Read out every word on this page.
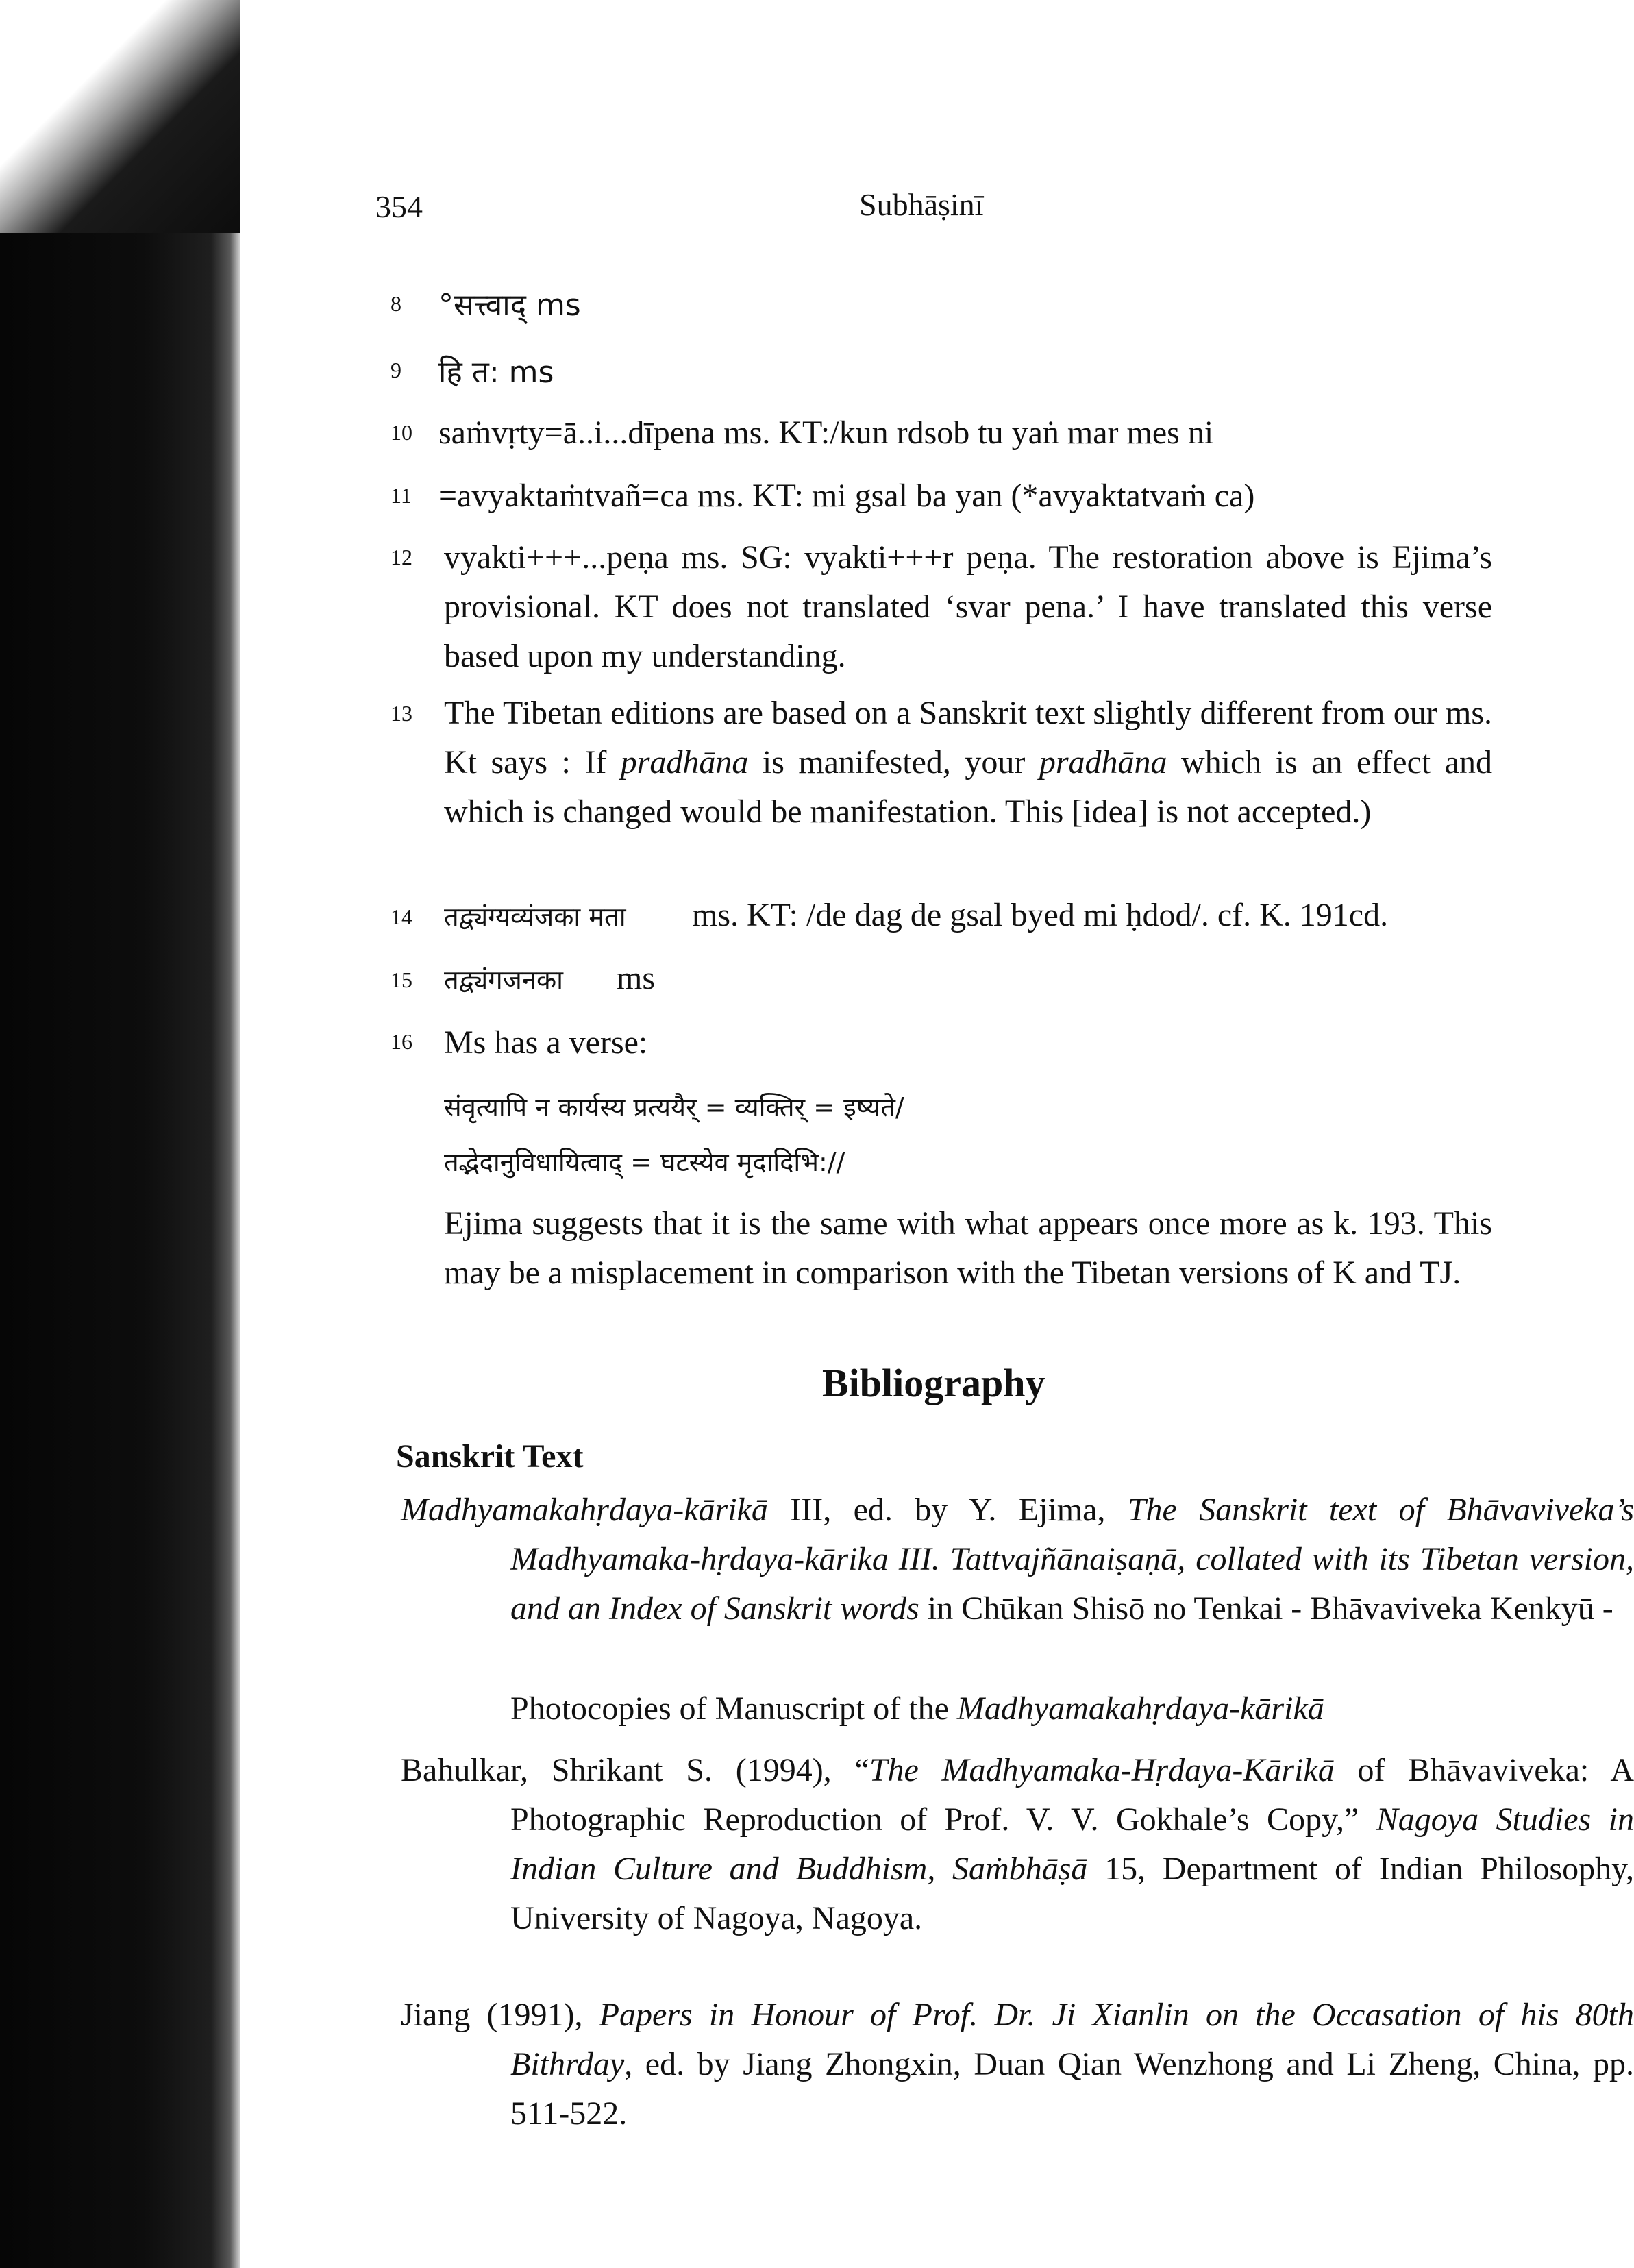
354	Subhāṣinī
8 °सत्त्वाद् ms
9 हि त: ms
10 saṁvṛty=ā..i...dīpena ms. KT:/kun rdsob tu yaṅ mar mes ni
11 =avyaktaṁtvañ=ca ms. KT: mi gsal ba yan (*avyaktatvaṁ ca)
12 vyakti+++...peṇa ms. SG: vyakti+++r peṇa. The restoration above is Ejima’s provisional. KT does not translated ‘svar pena.’ I have translated this verse based upon my understanding.
13 The Tibetan editions are based on a Sanskrit text slightly different from our ms. Kt says : If pradhāna is manifested, your pradhāna which is an effect and which is changed would be manifestation. This [idea] is not accepted.)
14 तद्व्यंग्यव्यंजका मता ms. KT: /de dag de gsal byed mi ḥdod/. cf. K. 191cd.
15 तद्व्यंगजनका ms
16 Ms has a verse:
संवृत्यापि न कार्यस्य प्रत्ययैर् = व्यक्तिर् = इष्यते/
तद्भेदानुविधायित्वाद् = घटस्येव मृदादिभि://
Ejima suggests that it is the same with what appears once more as k. 193. This may be a misplacement in comparison with the Tibetan versions of K and TJ.
Bibliography
Sanskrit Text
Madhyamakahṛdaya-kārikā III, ed. by Y. Ejima, The Sanskrit text of Bhāvaviveka’s Madhyamaka-hṛdaya-kārika III. Tattvajñānaiṣaṇā, collated with its Tibetan version, and an Index of Sanskrit words in Chūkan Shisō no Tenkai - Bhāvaviveka Kenkyū -
Photocopies of Manuscript of the Madhyamakahṛdaya-kārikā
Bahulkar, Shrikant S. (1994), “The Madhyamaka-Hṛdaya-Kārikā of Bhāvaviveka: A Photographic Reproduction of Prof. V. V. Gokhale’s Copy,” Nagoya Studies in Indian Culture and Buddhism, Saṁbhāṣā 15, Department of Indian Philosophy, University of Nagoya, Nagoya.
Jiang (1991), Papers in Honour of Prof. Dr. Ji Xianlin on the Occasation of his 80th Bithrday, ed. by Jiang Zhongxin, Duan Qian Wenzhong and Li Zheng, China, pp. 511-522.
